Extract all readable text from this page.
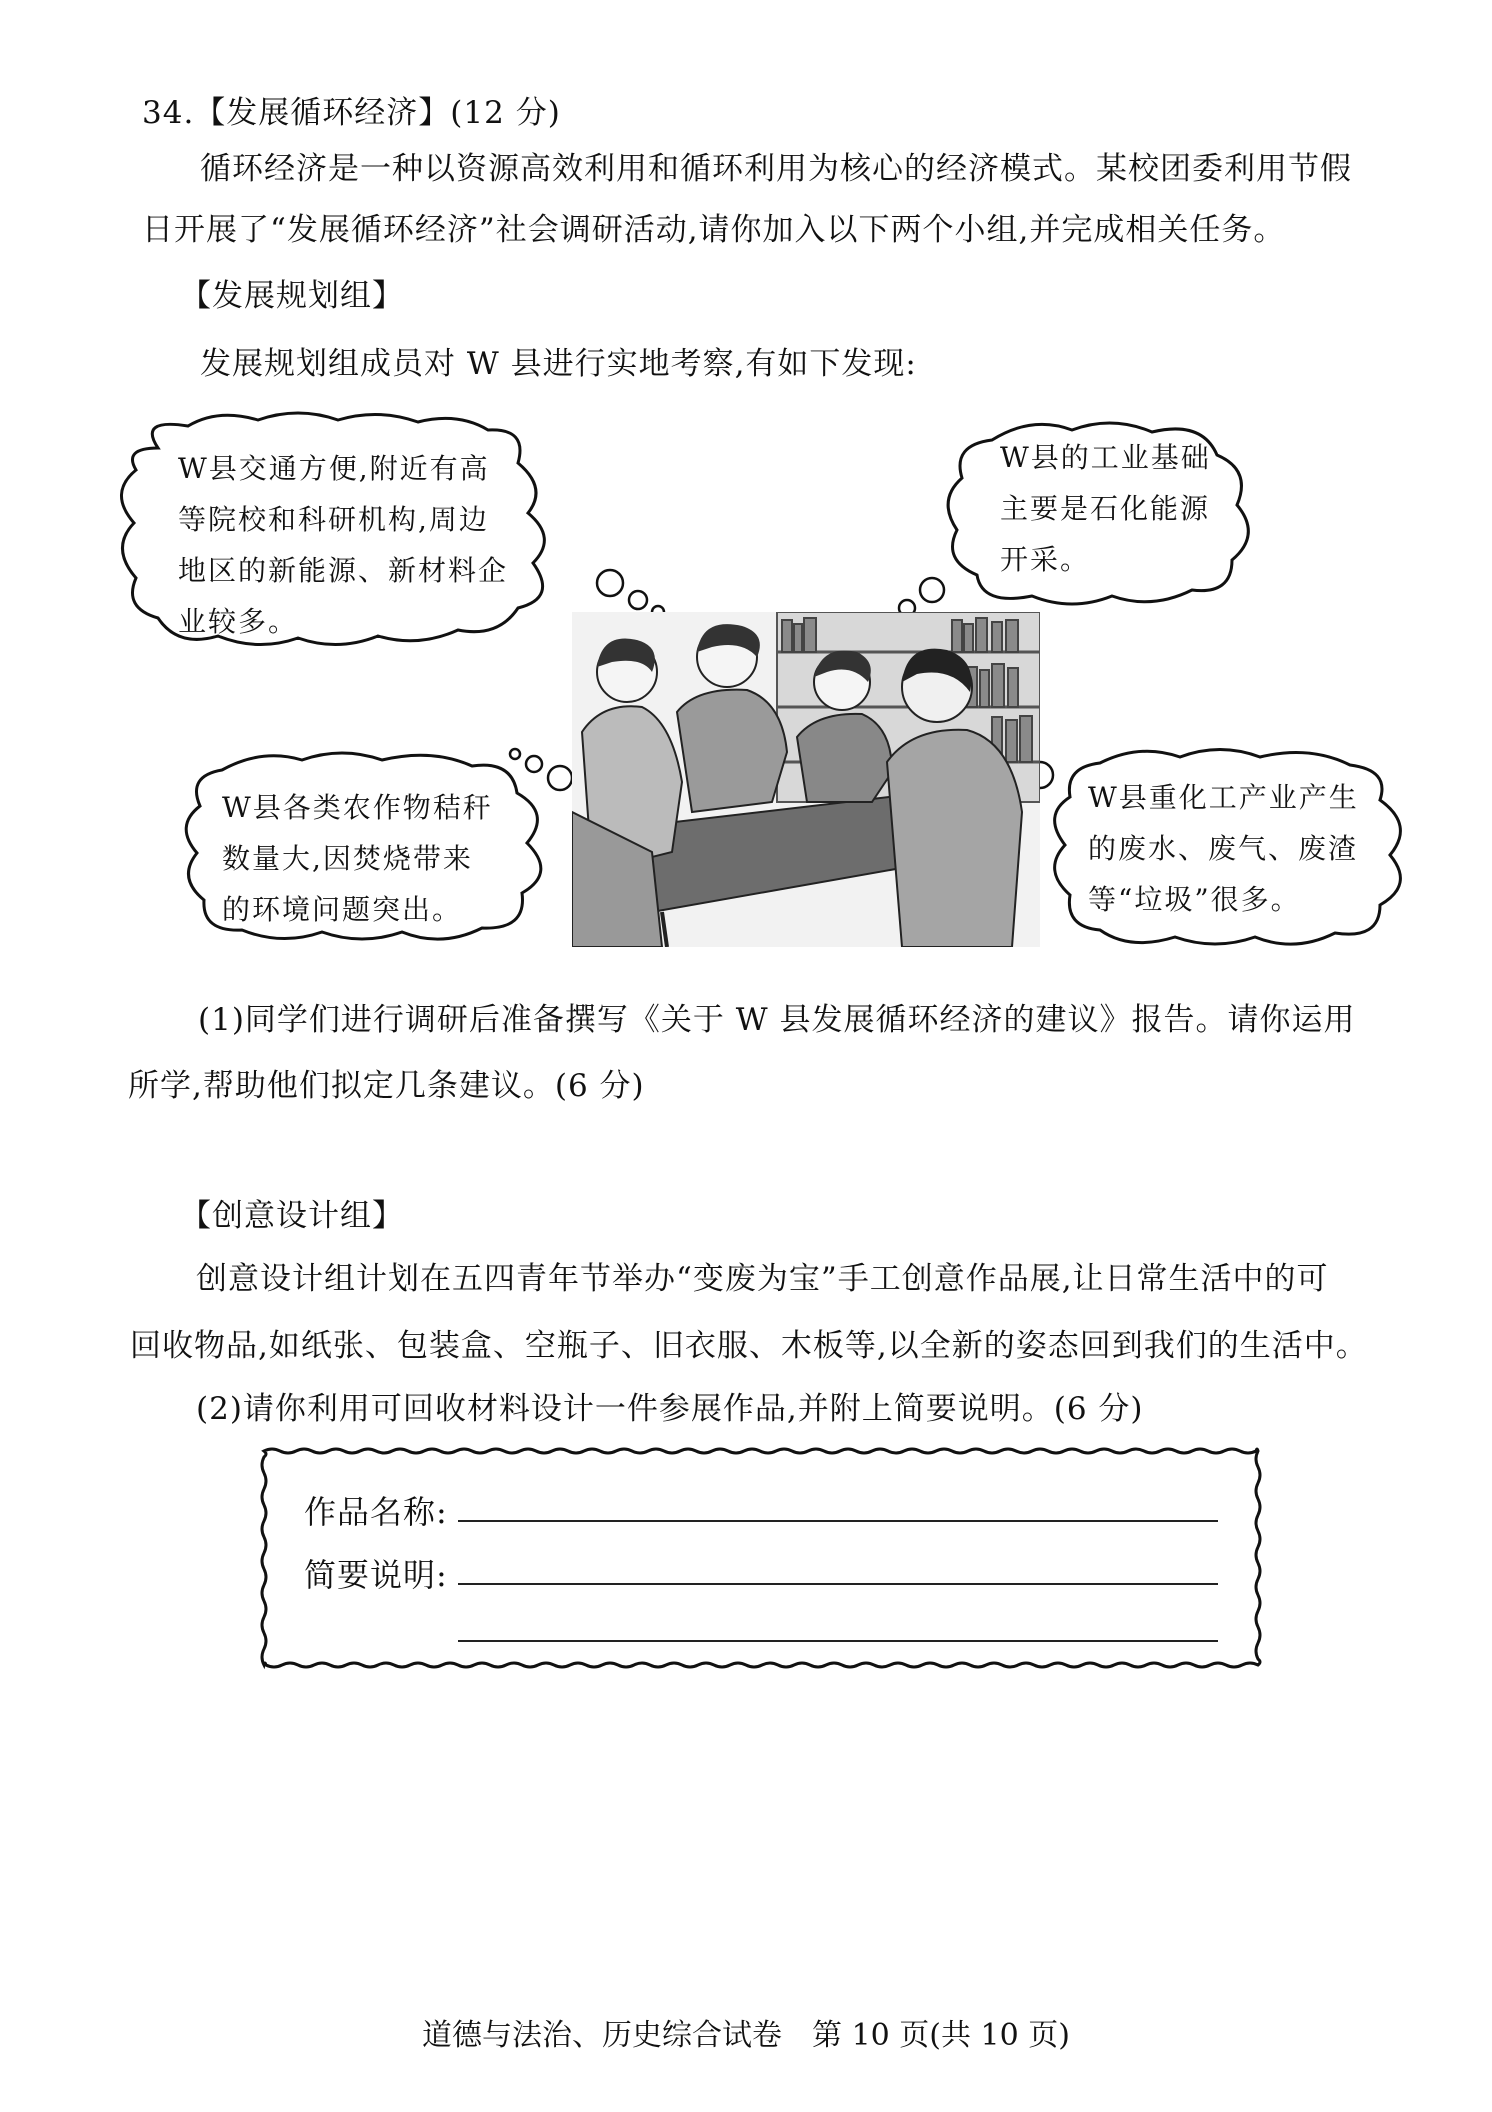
34.【发展循环经济】(12 分)
循环经济是一种以资源高效利用和循环利用为核心的经济模式。某校团委利用节假
日开展了“发展循环经济”社会调研活动,请你加入以下两个小组,并完成相关任务。
【发展规划组】
发展规划组成员对 W 县进行实地考察,有如下发现:
W县交通方便,附近有高
等院校和科研机构,周边
地区的新能源、新材料企
业较多。
W县的工业基础
主要是石化能源
开采。
W县各类农作物秸秆
数量大,因焚烧带来
的环境问题突出。
W县重化工产业产生
的废水、废气、废渣
等“垃圾”很多。
(1)同学们进行调研后准备撰写《关于 W 县发展循环经济的建议》报告。请你运用
所学,帮助他们拟定几条建议。(6 分)
【创意设计组】
创意设计组计划在五四青年节举办“变废为宝”手工创意作品展,让日常生活中的可
回收物品,如纸张、包装盒、空瓶子、旧衣服、木板等,以全新的姿态回到我们的生活中。
(2)请你利用可回收材料设计一件参展作品,并附上简要说明。(6 分)
作品名称:
简要说明:
道德与法治、历史综合试卷　第 10 页(共 10 页)
